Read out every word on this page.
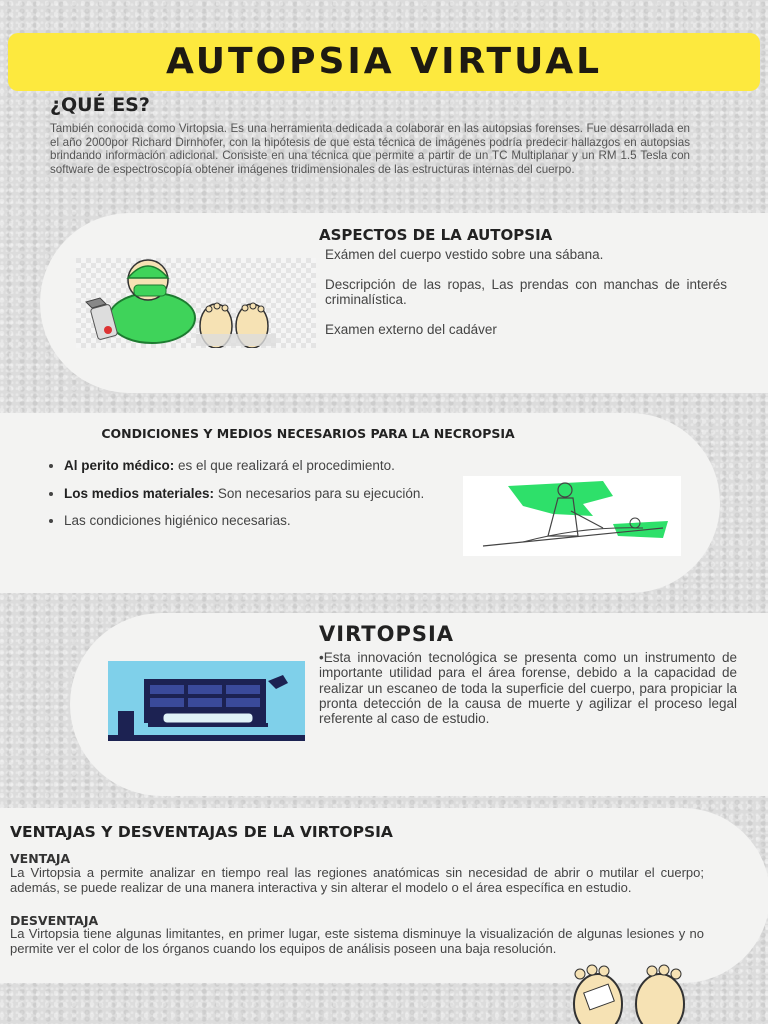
AUTOPSIA VIRTUAL
¿QUÉ ES?
También conocida como Virtopsia. Es una herramienta dedicada a colaborar en las autopsias forenses. Fue desarrollada en el año 2000por Richard Dirnhofer, con la hipótesis de que esta técnica de imágenes podría predecir hallazgos en autopsias brindando información adicional. Consiste en una técnica que permite a partir de un TC Multiplanar y un RM 1.5 Tesla con software de espectroscopía obtener imágenes tridimensionales de las estructuras internas del cuerpo.
ASPECTOS DE LA AUTOPSIA

Exámen del cuerpo vestido sobre una sábana.

Descripción de las ropas, Las prendas con manchas de interés criminalística.

Examen externo del cadáver

CONDICIONES Y MEDIOS NECESARIOS PARA LA NECROPSIA
• Al perito médico: es el que realizará el procedimiento.
• Los medios materiales: Son necesarios para su ejecución.
• Las condiciones higiénico necesarias.
VIRTOPSIA
•Esta innovación tecnológica se presenta como un instrumento de importante utilidad para el área forense, debido a la capacidad de realizar un escaneo de toda la superficie del cuerpo, para propiciar la pronta detección de la causa de muerte y agilizar el proceso legal referente al caso de estudio.
VENTAJAS Y DESVENTAJAS DE LA VIRTOPSIA
VENTAJA
La Virtopsia a permite analizar en tiempo real las regiones anatómicas sin necesidad de abrir o mutilar el cuerpo; además, se puede realizar de una manera interactiva y sin alterar el modelo o el área específica en estudio.
DESVENTAJA
La Virtopsia tiene algunas limitantes, en primer lugar, este sistema disminuye la visualización de algunas lesiones y no permite ver el color de los órganos cuando los equipos de análisis poseen una baja resolución.
